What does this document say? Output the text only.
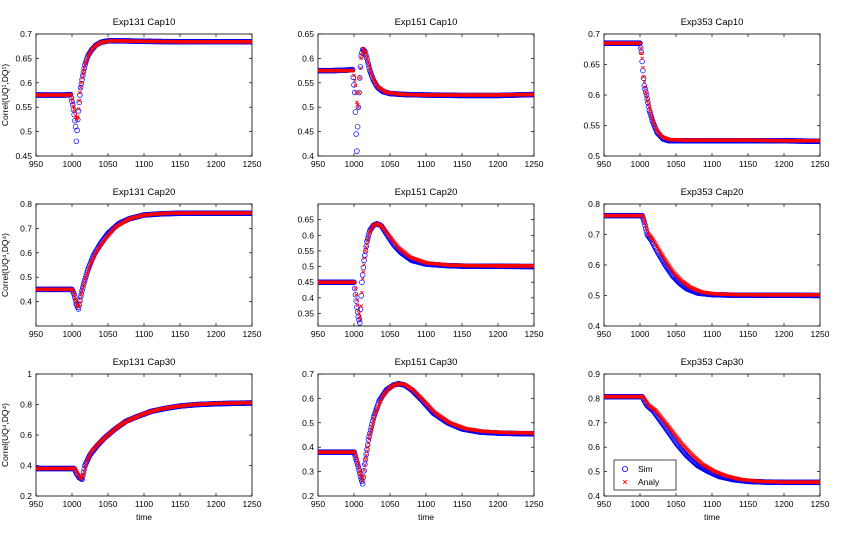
Exp131 Cap10
950 1000 1050 1100 1150 1200 1250
0.45
0.5
0.55
0.6
0.65
0.7
Correl(UQ¹,DQ¹)
Exp151 Cap10
950 1000 1050 1100 1150 1200 1250
0.4
0.45
0.5
0.55
0.6
0.65
Exp353 Cap10
950 1000 1050 1100 1150 1200 1250
0.5
0.55
0.6
0.65
0.7
Exp131 Cap20
950 1000 1050 1100 1150 1200 1250
0.4
0.5
0.6
0.7
0.8
Correl(UQ⁴,DQ⁴)
Exp151 Cap20
950 1000 1050 1100 1150 1200 1250
0.35
0.4
0.45
0.5
0.55
0.6
0.65
Exp353 Cap20
950 1000 1050 1100 1150 1200 1250
0.4
0.5
0.6
0.7
0.8
Exp131 Cap30
950 1000 1050 1100 1150 1200 1250
0.2
0.4
0.6
0.8
1
time
Correl(UQ⁴,DQ⁴)
Exp151 Cap30
950 1000 1050 1100 1150 1200 1250
0.2
0.3
0.4
0.5
0.6
0.7
time
Exp353 Cap30
950 1000 1050 1100 1150 1200 1250
0.4
0.5
0.6
0.7
0.8
0.9
time
Sim
Analy
